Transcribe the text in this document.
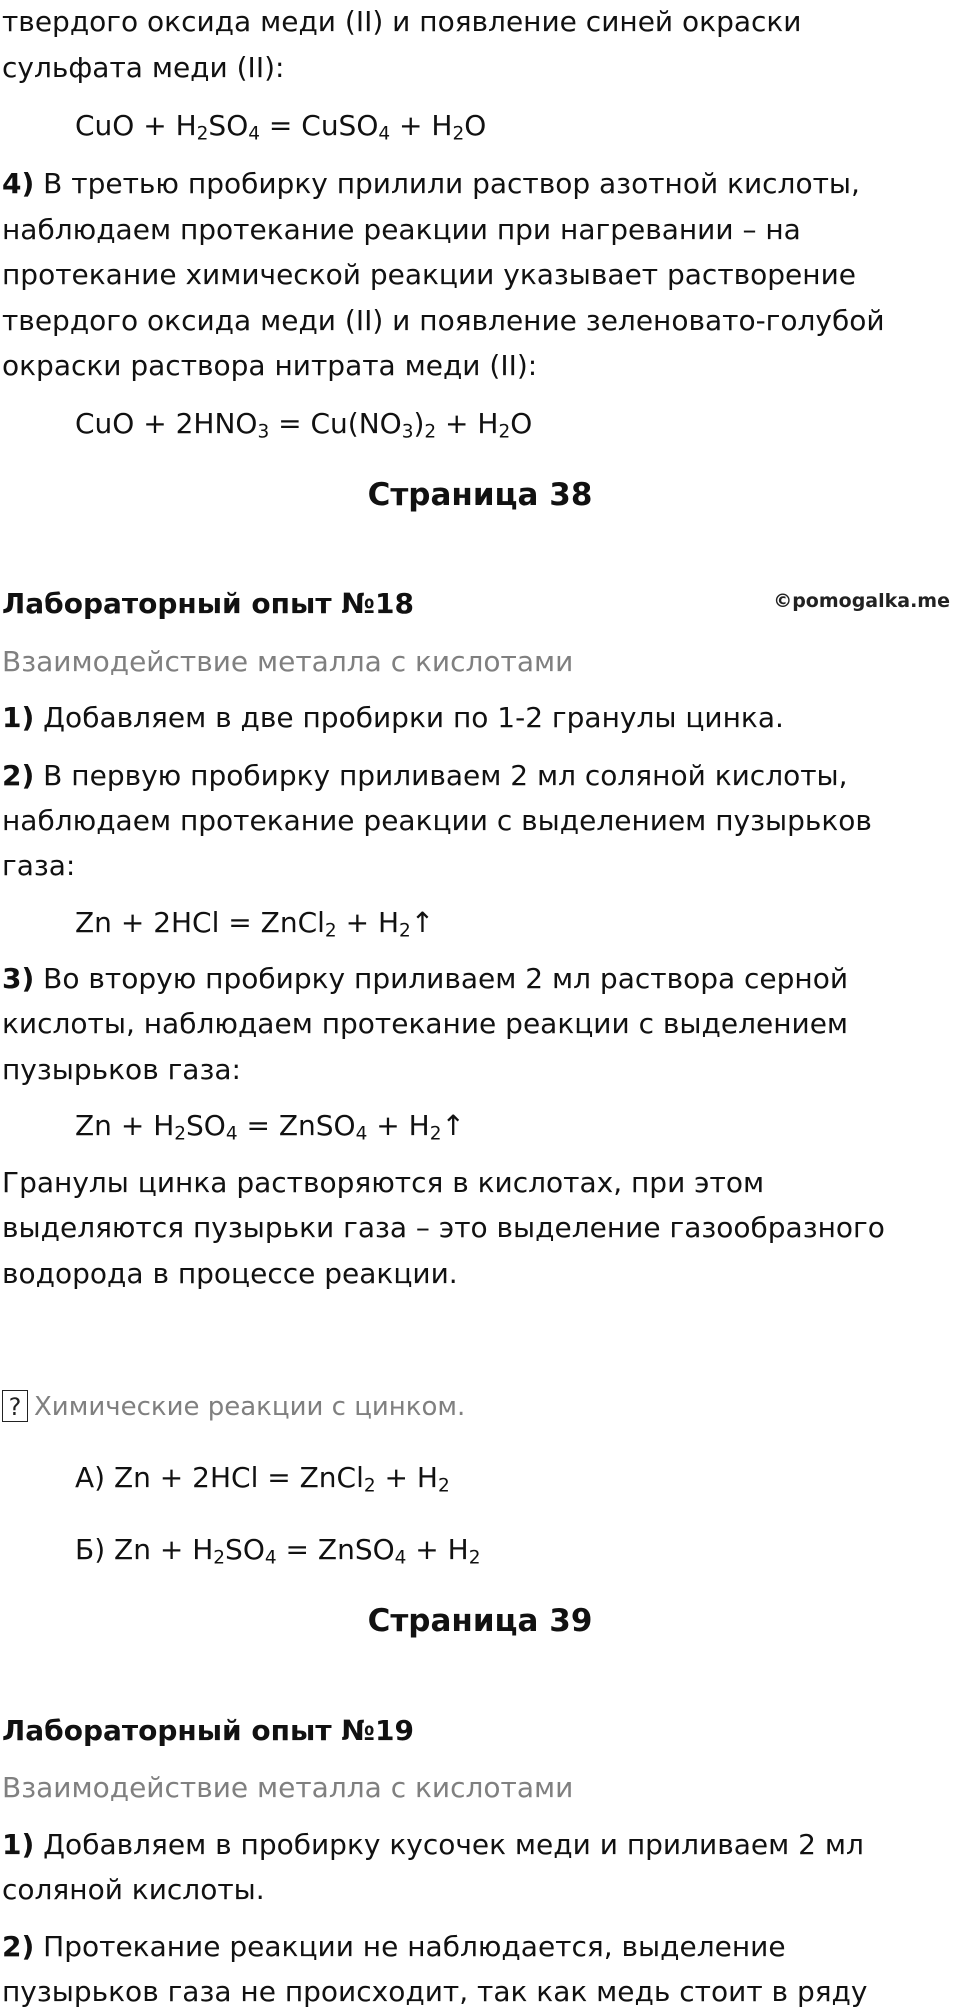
твердого оксида меди (II) и появление синей окраски

сульфата меди (II):

CuO + $H_2SO_4$ = CuSO$_4$ + $H_2O$

4) В третью пробирку прилили раствор азотной кислоты,

наблюдаем протекание реакции при нагревании – на

протекание химической реакции указывает растворение

твердого оксида меди (II) и появление зеленовато-голубой

окраски раствора нитрата меди (II):

CuO + $2HNO_3 = Cu(NO_3)_2 + H_2O$

Страница 38

Лабораторный опыт №18	©pomogalka.me

Взаимодействие металла с кислотами

1) Добавляем в две пробирки по 1-2 гранулы цинка.

2) В первую пробирку приливаем 2 мл соляной кислоты,

наблюдаем протекание реакции с выделением пузырьков

газа:

Zn + 2HCl = ZnCl$_2$ + $H_2↑$

3) Во вторую пробирку приливаем 2 мл раствора серной

кислоты, наблюдаем протекание реакции с выделением

пузырьков газа:

$Zn + H_2SO_4$ = ZnSO$_4$ + $H_2↑$

Гранулы цинка растворяются в кислотах, при этом

выделяются пузырьки газа – это выделение газообразного

водорода в процессе реакции.

? Химические реакции с цинком.

А) Zn + 2HCl = ZnCl$_2$ + $H_2$

Б) $Zn + H_2SO_4$ = ZnSO$_4$ + $H_2$

Страница 39

Лабораторный опыт №19

Взаимодействие металла с кислотами

1) Добавляем в пробирку кусочек меди и приливаем 2 мл

соляной кислоты.

2) Протекание реакции не наблюдается, выделение

пузырьков газа не происходит, так как медь стоит в ряду
